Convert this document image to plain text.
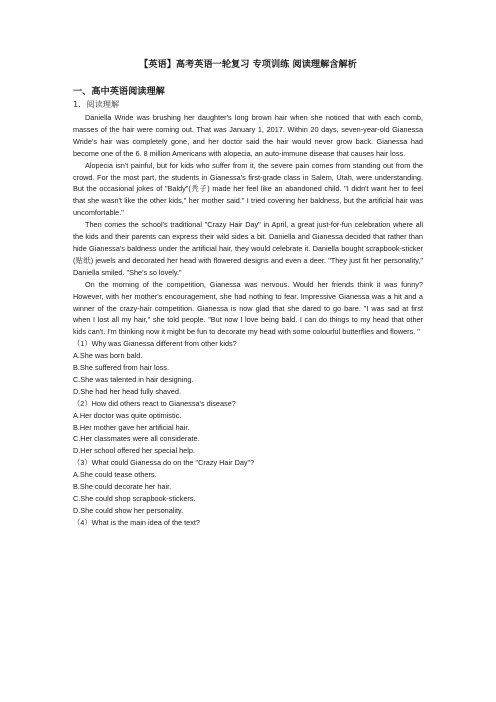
【英语】高考英语一轮复习 专项训练 阅读理解含解析
一、高中英语阅读理解
1．阅读理解

Daniella Wride was brushing her daughter's long brown hair when she noticed that with each comb, masses of the hair were coming out. That was January 1, 2017. Within 20 days, seven-year-old Gianessa Wride's hair was completely gone, and her doctor said the hair would never grow back. Gianessa had become one of the 6. 8 million Americans with alopecia, an auto-immune disease that causes hair loss.

Alopecia isn't painful, but for kids who suffer from it, the severe pain comes from standing out from the crowd. For the most part, the students in Gianessa's first-grade class in Salem, Utah, were understanding. But the occasional jokes of "Baldy"(秃子) made her feel like an abandoned child. "I didn't want her to feel that she wasn't like the other kids," her mother said." I tried covering her baldness, but the artificial hair was uncomfortable."

Then comes the school's traditional "Crazy Hair Day" in April, a great just-for-fun celebration where all the kids and their parents can express their wild sides a bit. Daniella and Gianessa decided that rather than hide Gianessa's baldness under the artificial hair, they would celebrate it. Daniella bought scrapbook-sticker (贴纸) jewels and decorated her head with flowered designs and even a deer. "They just fit her personality," Daniella smiled. "She's so lovely."

On the morning of the competition, Gianessa was nervous. Would her friends think it was funny? However, with her mother's encouragement, she had nothing to fear. Impressive Gianessa was a hit and a winner of the crazy-hair competition. Gianessa is now glad that she dared to go bare. "I was sad at first when I lost all my hair," she told people. "But now I love being bald. I can do things to my head that other kids can't. I'm thinking now it might be fun to decorate my head with some colourful butterflies and flowers. "

（1）Why was Gianessa different from other kids?
A.She was born bald.
B.She suffered from hair loss.
C.She was talented in hair designing.
D.She had her head fully shaved.
（2）How did others react to Gianessa's disease?
A.Her doctor was quite optimistic.
B.Her mother gave her artificial hair.
C.Her classmates were all considerate.
D.Her school offered her special help.
（3）What could Gianessa do on the "Crazy Hair Day"?
A.She could tease others.
B.She could decorate her hair.
C.She could shop scrapbook-stickers.
D.She could show her personality.
（4）What is the main idea of the text?
